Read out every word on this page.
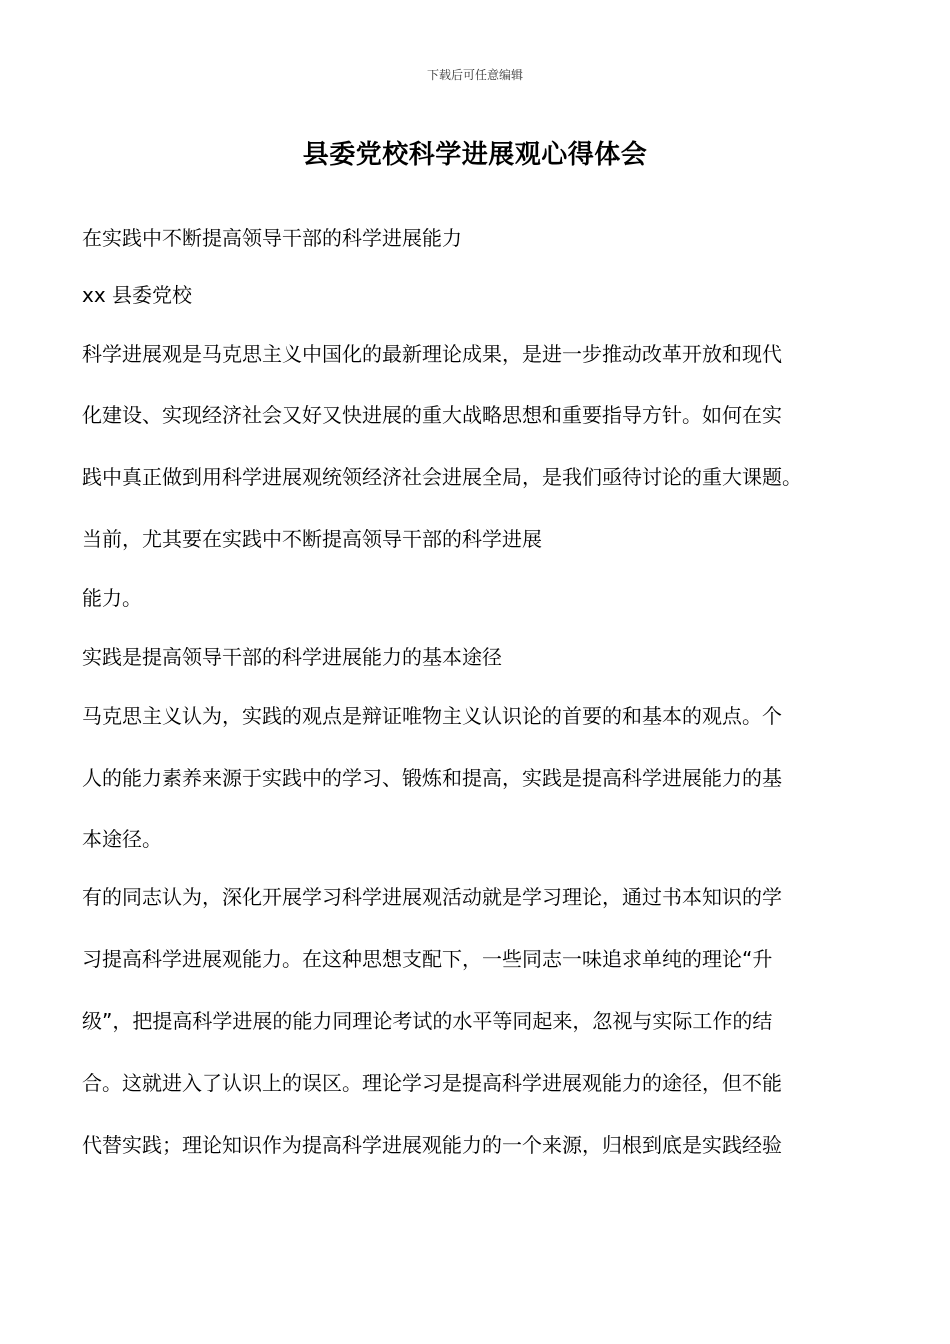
下载后可任意编辑
县委党校科学进展观心得体会
在实践中不断提高领导干部的科学进展能力
xx 县委党校
科学进展观是马克思主义中国化的最新理论成果，是进一步推动改革开放和现代
化建设、实现经济社会又好又快进展的重大战略思想和重要指导方针。如何在实
践中真正做到用科学进展观统领经济社会进展全局，是我们亟待讨论的重大课题。
当前，尤其要在实践中不断提高领导干部的科学进展
能力。
实践是提高领导干部的科学进展能力的基本途径
马克思主义认为，实践的观点是辩证唯物主义认识论的首要的和基本的观点。个
人的能力素养来源于实践中的学习、锻炼和提高，实践是提高科学进展能力的基
本途径。
有的同志认为，深化开展学习科学进展观活动就是学习理论，通过书本知识的学
习提高科学进展观能力。在这种思想支配下，一些同志一味追求单纯的理论“升
级”，把提高科学进展的能力同理论考试的水平等同起来，忽视与实际工作的结
合。这就进入了认识上的误区。理论学习是提高科学进展观能力的途径，但不能
代替实践；理论知识作为提高科学进展观能力的一个来源，归根到底是实践经验
